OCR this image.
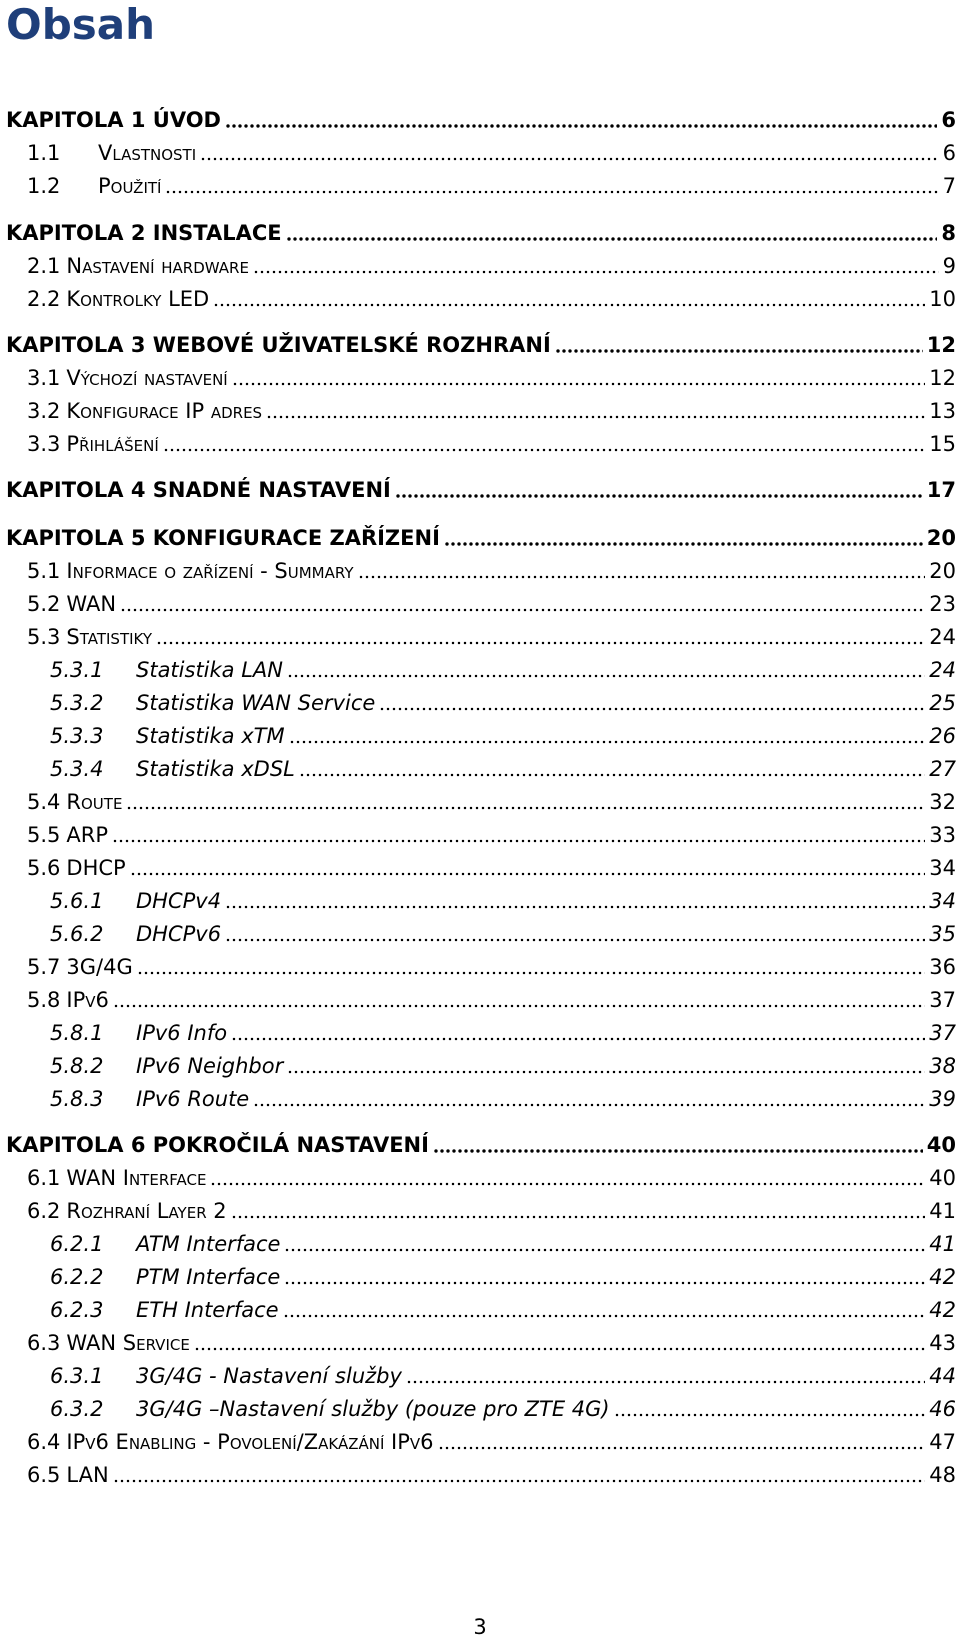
Obsah
KAPITOLA 1 ÚVOD	6
1.1	Vlastnosti	6
1.2	Použití	7
KAPITOLA 2 INSTALACE	8
2.1 Nastavení hardware	9
2.2 Kontrolky LED	10
KAPITOLA 3 WEBOVÉ UŽIVATELSKÉ ROZHRANÍ	12
3.1 Výchozí nastavení	12
3.2 Konfigurace IP adres	13
3.3 Přihlášení	15
KAPITOLA 4 SNADNÉ NASTAVENÍ	17
KAPITOLA 5 KONFIGURACE ZAŘÍZENÍ	20
5.1 Informace o zařízení - Summary	20
5.2 WAN	23
5.3 Statistiky	24
5.3.1	Statistika LAN	24
5.3.2	Statistika WAN Service	25
5.3.3	Statistika xTM	26
5.3.4	Statistika xDSL	27
5.4 Route	32
5.5 ARP	33
5.6 DHCP	34
5.6.1	DHCPv4	34
5.6.2	DHCPv6	35
5.7 3G/4G	36
5.8 IPv6	37
5.8.1	IPv6 Info	37
5.8.2	IPv6 Neighbor	38
5.8.3	IPv6 Route	39
KAPITOLA 6 POKROČILÁ NASTAVENÍ	40
6.1 WAN Interface	40
6.2 Rozhraní Layer 2	41
6.2.1	ATM Interface	41
6.2.2	PTM Interface	42
6.2.3	ETH Interface	42
6.3 WAN Service	43
6.3.1	3G/4G - Nastavení služby	44
6.3.2	3G/4G –Nastavení služby (pouze pro ZTE 4G)	46
6.4 IPv6 Enabling - Povolení/Zakázání IPv6	47
6.5 LAN	48
3
